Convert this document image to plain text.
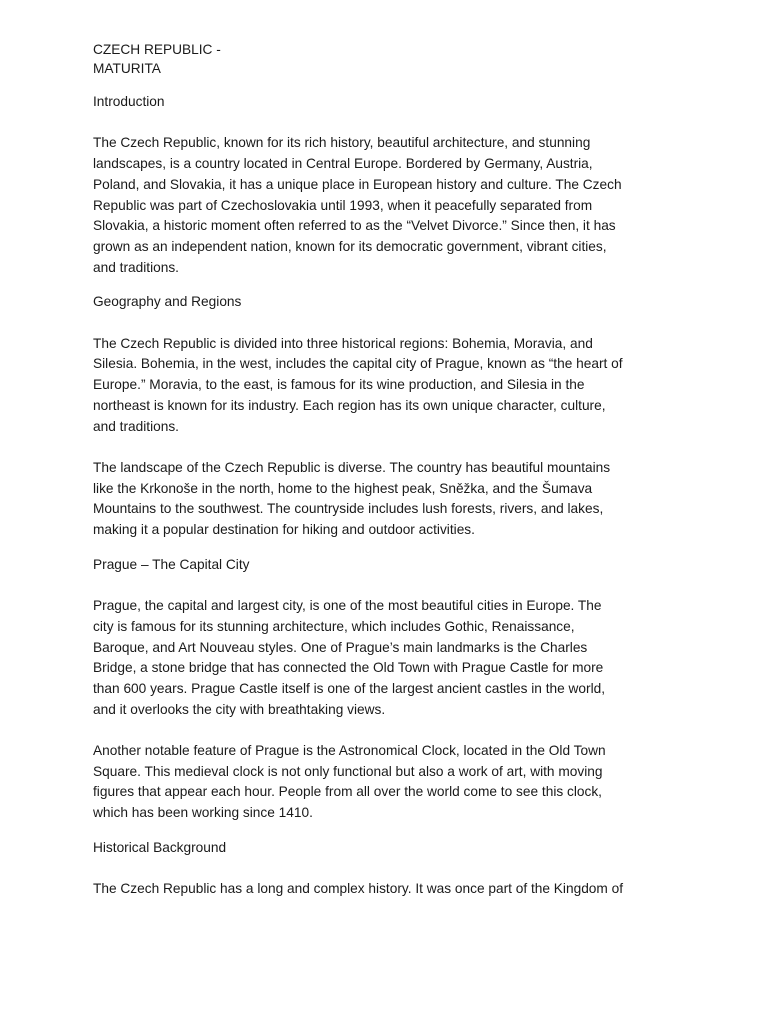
CZECH REPUBLIC -
MATURITA
Introduction

The Czech Republic, known for its rich history, beautiful architecture, and stunning
landscapes, is a country located in Central Europe. Bordered by Germany, Austria,
Poland, and Slovakia, it has a unique place in European history and culture. The Czech
Republic was part of Czechoslovakia until 1993, when it peacefully separated from
Slovakia, a historic moment often referred to as the “Velvet Divorce.” Since then, it has
grown as an independent nation, known for its democratic government, vibrant cities,
and traditions.

Geography and Regions

The Czech Republic is divided into three historical regions: Bohemia, Moravia, and
Silesia. Bohemia, in the west, includes the capital city of Prague, known as “the heart of
Europe.” Moravia, to the east, is famous for its wine production, and Silesia in the
northeast is known for its industry. Each region has its own unique character, culture,
and traditions.

The landscape of the Czech Republic is diverse. The country has beautiful mountains
like the Krkonoše in the north, home to the highest peak, Sněžka, and the Šumava
Mountains to the southwest. The countryside includes lush forests, rivers, and lakes,
making it a popular destination for hiking and outdoor activities.

Prague – The Capital City

Prague, the capital and largest city, is one of the most beautiful cities in Europe. The
city is famous for its stunning architecture, which includes Gothic, Renaissance,
Baroque, and Art Nouveau styles. One of Prague’s main landmarks is the Charles
Bridge, a stone bridge that has connected the Old Town with Prague Castle for more
than 600 years. Prague Castle itself is one of the largest ancient castles in the world,
and it overlooks the city with breathtaking views.

Another notable feature of Prague is the Astronomical Clock, located in the Old Town
Square. This medieval clock is not only functional but also a work of art, with moving
figures that appear each hour. People from all over the world come to see this clock,
which has been working since 1410.

Historical Background

The Czech Republic has a long and complex history. It was once part of the Kingdom of
